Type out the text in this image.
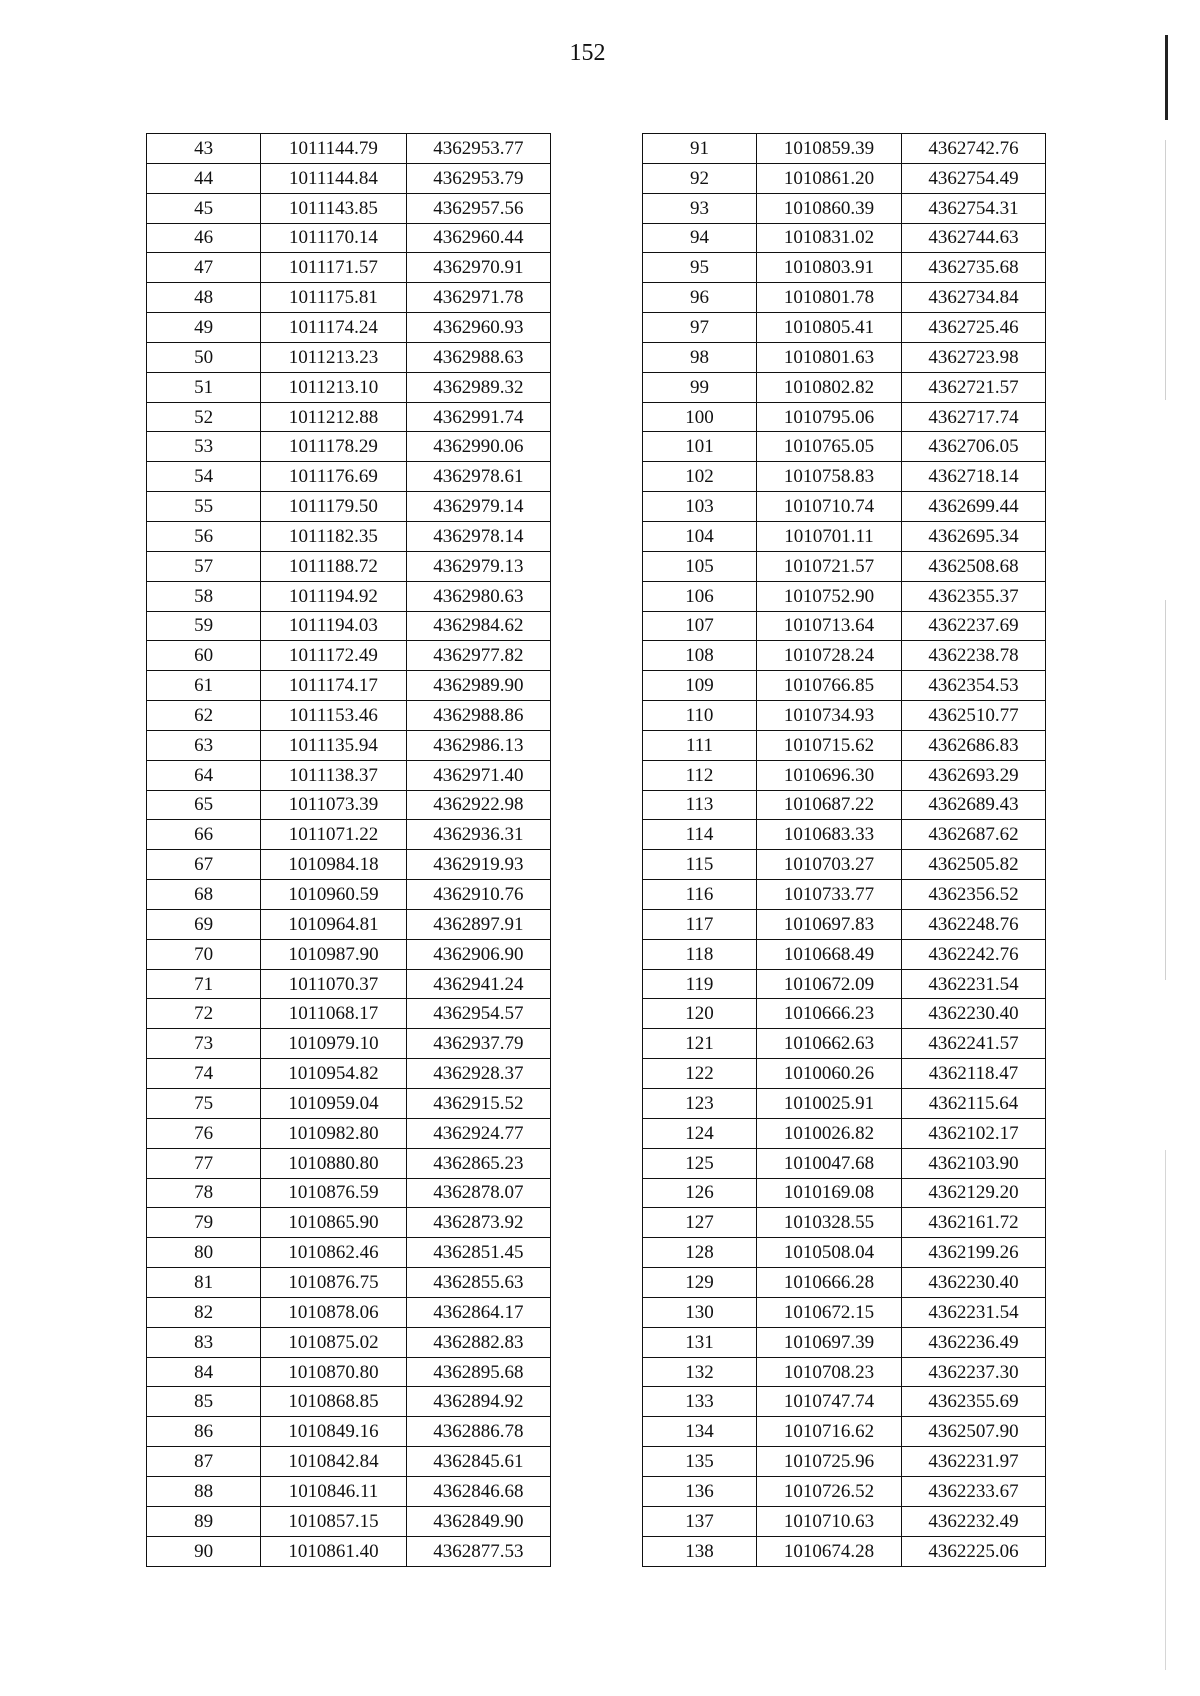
152
43	1011144.79	4362953.77
44	1011144.84	4362953.79
45	1011143.85	4362957.56
46	1011170.14	4362960.44
47	1011171.57	4362970.91
48	1011175.81	4362971.78
49	1011174.24	4362960.93
50	1011213.23	4362988.63
51	1011213.10	4362989.32
52	1011212.88	4362991.74
53	1011178.29	4362990.06
54	1011176.69	4362978.61
55	1011179.50	4362979.14
56	1011182.35	4362978.14
57	1011188.72	4362979.13
58	1011194.92	4362980.63
59	1011194.03	4362984.62
60	1011172.49	4362977.82
61	1011174.17	4362989.90
62	1011153.46	4362988.86
63	1011135.94	4362986.13
64	1011138.37	4362971.40
65	1011073.39	4362922.98
66	1011071.22	4362936.31
67	1010984.18	4362919.93
68	1010960.59	4362910.76
69	1010964.81	4362897.91
70	1010987.90	4362906.90
71	1011070.37	4362941.24
72	1011068.17	4362954.57
73	1010979.10	4362937.79
74	1010954.82	4362928.37
75	1010959.04	4362915.52
76	1010982.80	4362924.77
77	1010880.80	4362865.23
78	1010876.59	4362878.07
79	1010865.90	4362873.92
80	1010862.46	4362851.45
81	1010876.75	4362855.63
82	1010878.06	4362864.17
83	1010875.02	4362882.83
84	1010870.80	4362895.68
85	1010868.85	4362894.92
86	1010849.16	4362886.78
87	1010842.84	4362845.61
88	1010846.11	4362846.68
89	1010857.15	4362849.90
90	1010861.40	4362877.53
91	1010859.39	4362742.76
92	1010861.20	4362754.49
93	1010860.39	4362754.31
94	1010831.02	4362744.63
95	1010803.91	4362735.68
96	1010801.78	4362734.84
97	1010805.41	4362725.46
98	1010801.63	4362723.98
99	1010802.82	4362721.57
100	1010795.06	4362717.74
101	1010765.05	4362706.05
102	1010758.83	4362718.14
103	1010710.74	4362699.44
104	1010701.11	4362695.34
105	1010721.57	4362508.68
106	1010752.90	4362355.37
107	1010713.64	4362237.69
108	1010728.24	4362238.78
109	1010766.85	4362354.53
110	1010734.93	4362510.77
111	1010715.62	4362686.83
112	1010696.30	4362693.29
113	1010687.22	4362689.43
114	1010683.33	4362687.62
115	1010703.27	4362505.82
116	1010733.77	4362356.52
117	1010697.83	4362248.76
118	1010668.49	4362242.76
119	1010672.09	4362231.54
120	1010666.23	4362230.40
121	1010662.63	4362241.57
122	1010060.26	4362118.47
123	1010025.91	4362115.64
124	1010026.82	4362102.17
125	1010047.68	4362103.90
126	1010169.08	4362129.20
127	1010328.55	4362161.72
128	1010508.04	4362199.26
129	1010666.28	4362230.40
130	1010672.15	4362231.54
131	1010697.39	4362236.49
132	1010708.23	4362237.30
133	1010747.74	4362355.69
134	1010716.62	4362507.90
135	1010725.96	4362231.97
136	1010726.52	4362233.67
137	1010710.63	4362232.49
138	1010674.28	4362225.06
